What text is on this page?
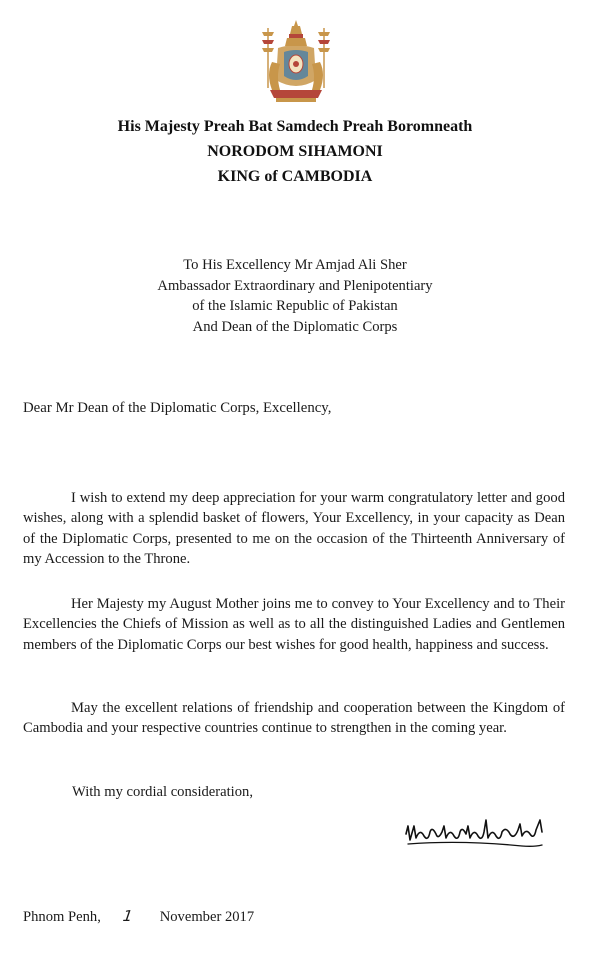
His Majesty Preah Bat Samdech Preah Boromneath
NORODOM SIHAMONI
KING of CAMBODIA
To His Excellency Mr Amjad Ali Sher
Ambassador Extraordinary and Plenipotentiary
of the Islamic Republic of Pakistan
And Dean of the Diplomatic Corps
Dear Mr Dean of the Diplomatic Corps, Excellency,
I wish to extend my deep appreciation for your warm congratulatory letter and good wishes, along with a splendid basket of flowers, Your Excellency, in your capacity as Dean of the Diplomatic Corps, presented to me on the occasion of the Thirteenth Anniversary of my Accession to the Throne.
Her Majesty my August Mother joins me to convey to Your Excellency and to Their Excellencies the Chiefs of Mission as well as to all the distinguished Ladies and Gentlemen members of the Diplomatic Corps our best wishes for good health, happiness and success.
May the excellent relations of friendship and cooperation between the Kingdom of Cambodia and your respective countries continue to strengthen in the coming year.
With my cordial consideration,
Phnom Penh, 1 November 2017
